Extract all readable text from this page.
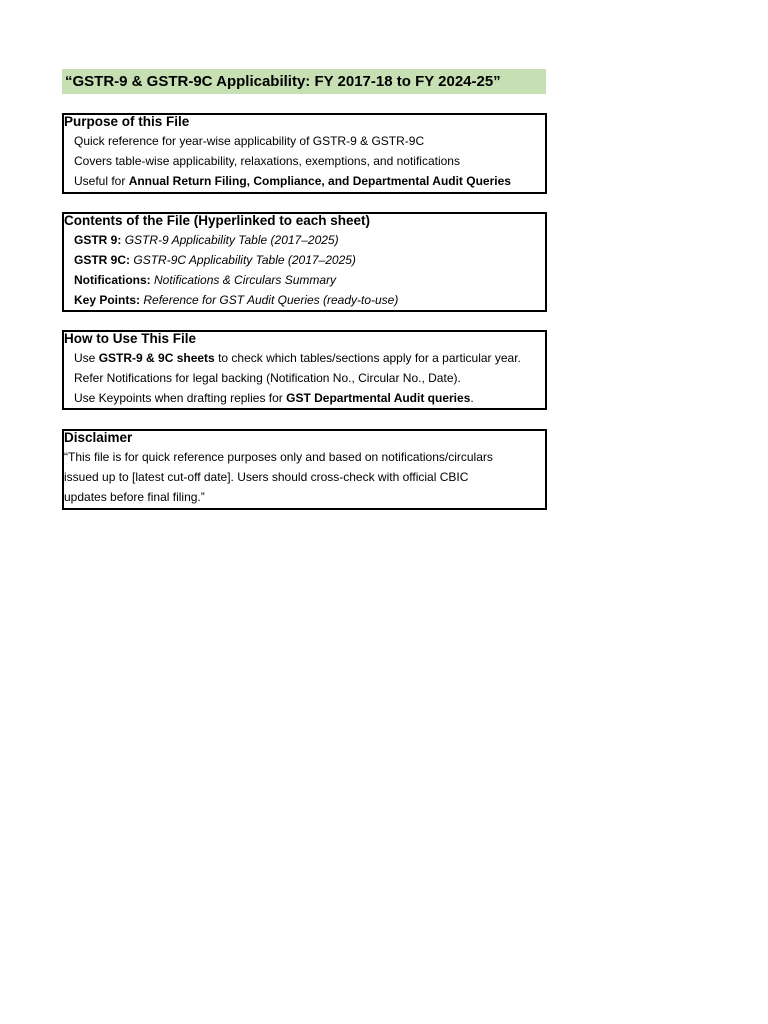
“GSTR-9 & GSTR-9C Applicability: FY 2017-18 to FY 2024-25”
Purpose of this File
Quick reference for year-wise applicability of GSTR-9 & GSTR-9C
Covers table-wise applicability, relaxations, exemptions, and notifications
Useful for Annual Return Filing, Compliance, and Departmental Audit Queries
Contents of the File (Hyperlinked to each sheet)
GSTR 9: GSTR-9 Applicability Table (2017–2025)
GSTR 9C: GSTR-9C Applicability Table (2017–2025)
Notifications: Notifications & Circulars Summary
Key Points: Reference for GST Audit Queries (ready-to-use)
How to Use This File
Use GSTR-9 & 9C sheets to check which tables/sections apply for a particular year.
Refer Notifications for legal backing (Notification No., Circular No., Date).
Use Keypoints when drafting replies for GST Departmental Audit queries.
Disclaimer
“This file is for quick reference purposes only and based on notifications/circulars
issued up to [latest cut-off date]. Users should cross-check with official CBIC
updates before final filing.”
